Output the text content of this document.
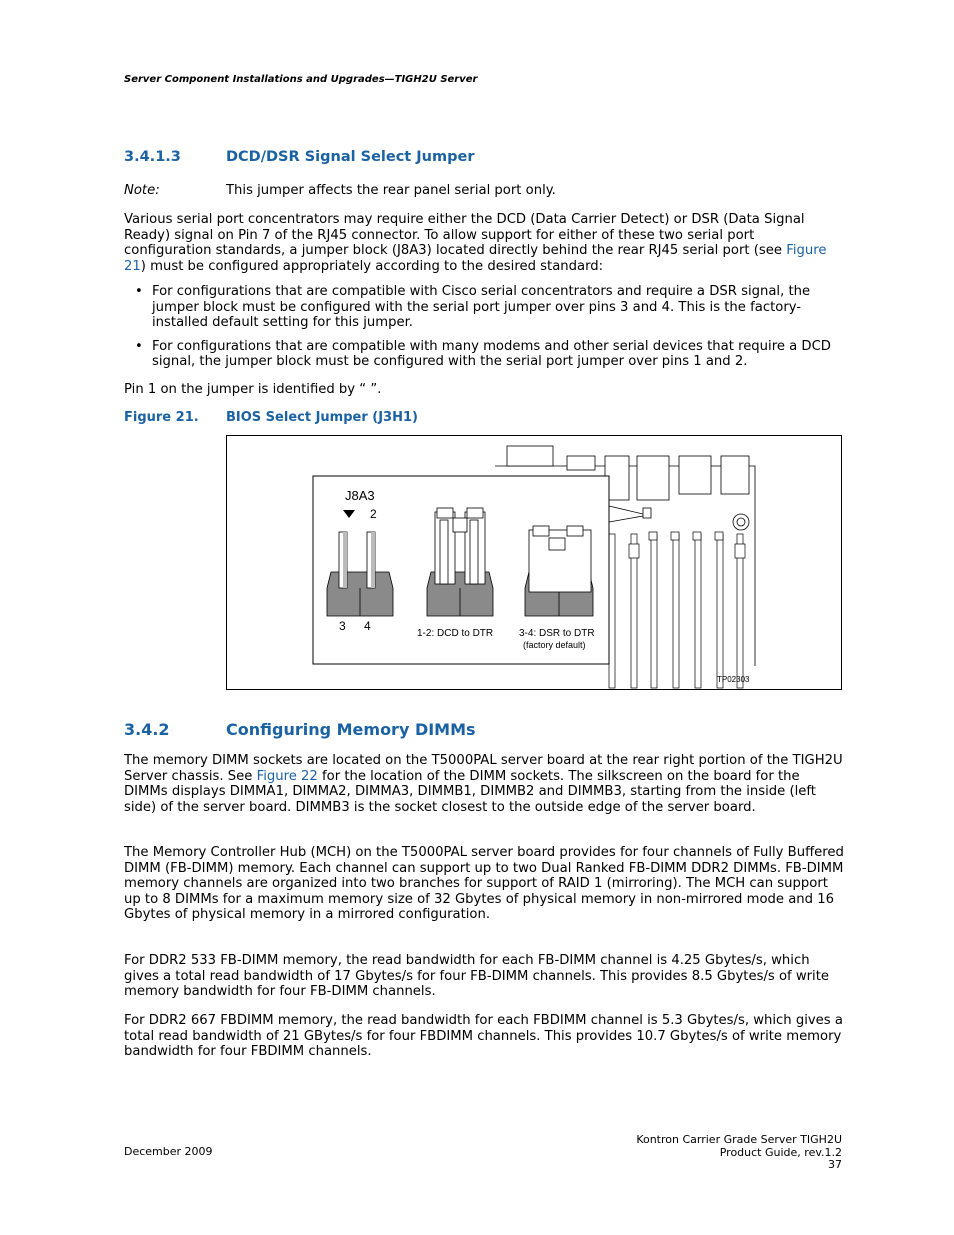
Server Component Installations and Upgrades—TIGH2U Server
3.4.1.3	DCD/DSR Signal Select Jumper
Note:	This jumper affects the rear panel serial port only.
Various serial port concentrators may require either the DCD (Data Carrier Detect) or DSR (Data Signal Ready) signal on Pin 7 of the RJ45 connector. To allow support for either of these two serial port configuration standards, a jumper block (J8A3) located directly behind the rear RJ45 serial port (see Figure 21) must be configured appropriately according to the desired standard:
• For configurations that are compatible with Cisco serial concentrators and require a DSR signal, the jumper block must be configured with the serial port jumper over pins 3 and 4. This is the factory-installed default setting for this jumper.
• For configurations that are compatible with many modems and other serial devices that require a DCD signal, the jumper block must be configured with the serial port jumper over pins 1 and 2.
Pin 1 on the jumper is identified by “ ”.
Figure 21. BIOS Select Jumper (J3H1)
J8A3
2
3 4
1-2: DCD to DTR	3-4: DSR to DTR
(factory default)
TP02303
3.4.2	Configuring Memory DIMMs
The memory DIMM sockets are located on the T5000PAL server board at the rear right portion of the TIGH2U Server chassis. See Figure 22 for the location of the DIMM sockets. The silkscreen on the board for the DIMMs displays DIMMA1, DIMMA2, DIMMA3, DIMMB1, DIMMB2 and DIMMB3, starting from the inside (left side) of the server board. DIMMB3 is the socket closest to the outside edge of the server board.
The Memory Controller Hub (MCH) on the T5000PAL server board provides for four channels of Fully Buffered DIMM (FB-DIMM) memory. Each channel can support up to two Dual Ranked FB-DIMM DDR2 DIMMs. FB-DIMM memory channels are organized into two branches for support of RAID 1 (mirroring). The MCH can support up to 8 DIMMs for a maximum memory size of 32 Gbytes of physical memory in non-mirrored mode and 16 Gbytes of physical memory in a mirrored configuration.
For DDR2 533 FB-DIMM memory, the read bandwidth for each FB-DIMM channel is 4.25 Gbytes/s, which gives a total read bandwidth of 17 Gbytes/s for four FB-DIMM channels. This provides 8.5 Gbytes/s of write memory bandwidth for four FB-DIMM channels.
For DDR2 667 FBDIMM memory, the read bandwidth for each FBDIMM channel is 5.3 Gbytes/s, which gives a total read bandwidth of 21 GBytes/s for four FBDIMM channels. This provides 10.7 Gbytes/s of write memory bandwidth for four FBDIMM channels.
December 2009
Kontron Carrier Grade Server TIGH2U
Product Guide, rev.1.2
37
